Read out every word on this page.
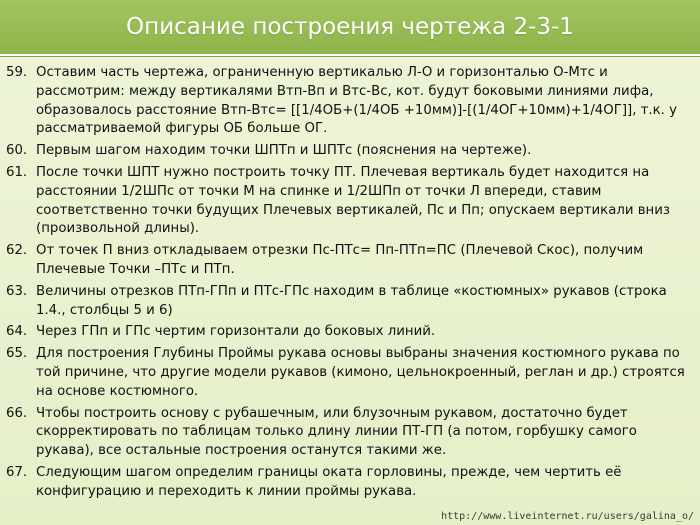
Описание построения чертежа 2-3-1
59. Оставим часть чертежа, ограниченную вертикалью Л-О и горизонталью О-Мтс и рассмотрим: между вертикалями Втп-Вп и Втс-Вс, кот. будут боковыми линиями лифа, образовалось расстояние Втп-Втс= [[1/4ОБ+(1/4ОБ +10мм)]-[(1/4ОГ+10мм)+1/4ОГ]], т.к. у рассматриваемой фигуры ОБ больше ОГ.
60. Первым шагом находим точки ШПТп и ШПТс (пояснения на чертеже).
61. После точки ШПТ нужно построить точку ПТ. Плечевая вертикаль будет находится на расстоянии 1/2ШПс от точки М на спинке и 1/2ШПп от точки Л впереди, ставим соответственно точки будущих Плечевых вертикалей, Пс и Пп; опускаем вертикали вниз (произвольной длины).
62. От точек П вниз откладываем отрезки Пс-ПТс= Пп-ПТп=ПС (Плечевой Скос), получим Плечевые Точки –ПТс и ПТп.
63. Величины отрезков ПТп-ГПп и ПТс-ГПс находим в таблице «костюмных» рукавов (строка 1.4., столбцы 5 и 6)
64. Через ГПп и ГПс чертим горизонтали до боковых линий.
65. Для построения Глубины Проймы рукава основы выбраны значения костюмного рукава по той причине, что другие модели рукавов (кимоно, цельнокроенный, реглан и др.) строятся на основе костюмного.
66. Чтобы построить основу с рубашечным, или блузочным рукавом, достаточно будет скорректировать по таблицам только длину линии ПТ-ГП (а потом, горбушку самого рукава), все остальные построения останутся такими же.
67. Следующим шагом определим границы оката горловины, прежде, чем чертить её конфигурацию и переходить к линии проймы рукава.
http://www.liveinternet.ru/users/galina_o/
